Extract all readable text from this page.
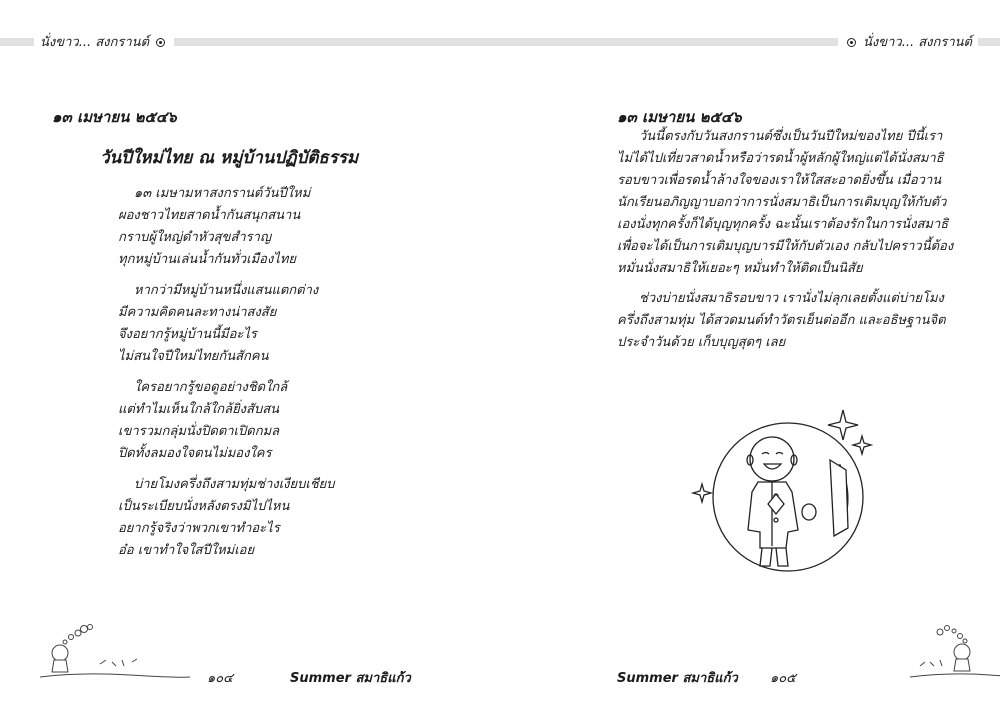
นั่งขาว... สงกรานต์	นั่งขาว... สงกรานต์
๑๓ เมษายน ๒๕๔๖
วันปีใหม่ไทย ณ หมู่บ้านปฏิบัติธรรม
๑๓ เมษามหาสงกรานต์วันปีใหม่
ผองชาวไทยสาดน้ำกันสนุกสนาน
กราบผู้ใหญ่ดำหัวสุขสำราญ
ทุกหมู่บ้านเล่นน้ำกันทั่วเมืองไทย
หากว่ามีหมู่บ้านหนึ่งแสนแตกต่าง
มีความคิดคนละทางน่าสงสัย
จึงอยากรู้หมู่บ้านนี้มีอะไร
ไม่สนใจปีใหม่ไทยกันสักคน
ใครอยากรู้ขอดูอย่างชิดใกล้
แต่ทำไมเห็นใกล้ใกล้ยิ่งสับสน
เขารวมกลุ่มนั่งปิดตาเปิดกมล
ปิดทั้งลมองใจตนไม่มองใคร
บ่ายโมงครึ่งถึงสามทุ่มช่างเงียบเชียบ
เป็นระเบียบนั่งหลังตรงมิไปไหน
อยากรู้จริงว่าพวกเขาทำอะไร
อ๋อ เขาทำใจใสปีใหม่เอย
๑๓ เมษายน ๒๕๔๖

วันนี้ตรงกับวันสงกรานต์ซึ่งเป็นวันปีใหม่ของไทย ปีนี้เราไม่ได้ไปเที่ยวสาดน้ำหรือว่ารดน้ำผู้หลักผู้ใหญ่แต่ได้นั่งสมาธิรอบขาวเพื่อรดน้ำล้างใจของเราให้ใสสะอาดยิ่งขึ้น เมื่อวานนักเรียนอภิญญาบอกว่าการนั่งสมาธิเป็นการเติมบุญให้กับตัวเองนั่งทุกครั้งก็ได้บุญทุกครั้ง ฉะนั้นเราต้องรักในการนั่งสมาธิเพื่อจะได้เป็นการเติมบุญบารมีให้กับตัวเอง กลับไปคราวนี้ต้องหมั่นนั่งสมาธิให้เยอะๆ หมั่นทำให้ติดเป็นนิสัย

ช่วงบ่ายนั่งสมาธิรอบขาว เรานั่งไม่ลุกเลยตั้งแต่บ่ายโมงครึ่งถึงสามทุ่ม ได้สวดมนต์ทำวัตรเย็นต่ออีก และอธิษฐานจิตประจำวันด้วย เก็บบุญสุดๆ เลย

๑๐๔	Summer สมาธิแก้ว	Summer สมาธิแก้ว ๑๐๕
